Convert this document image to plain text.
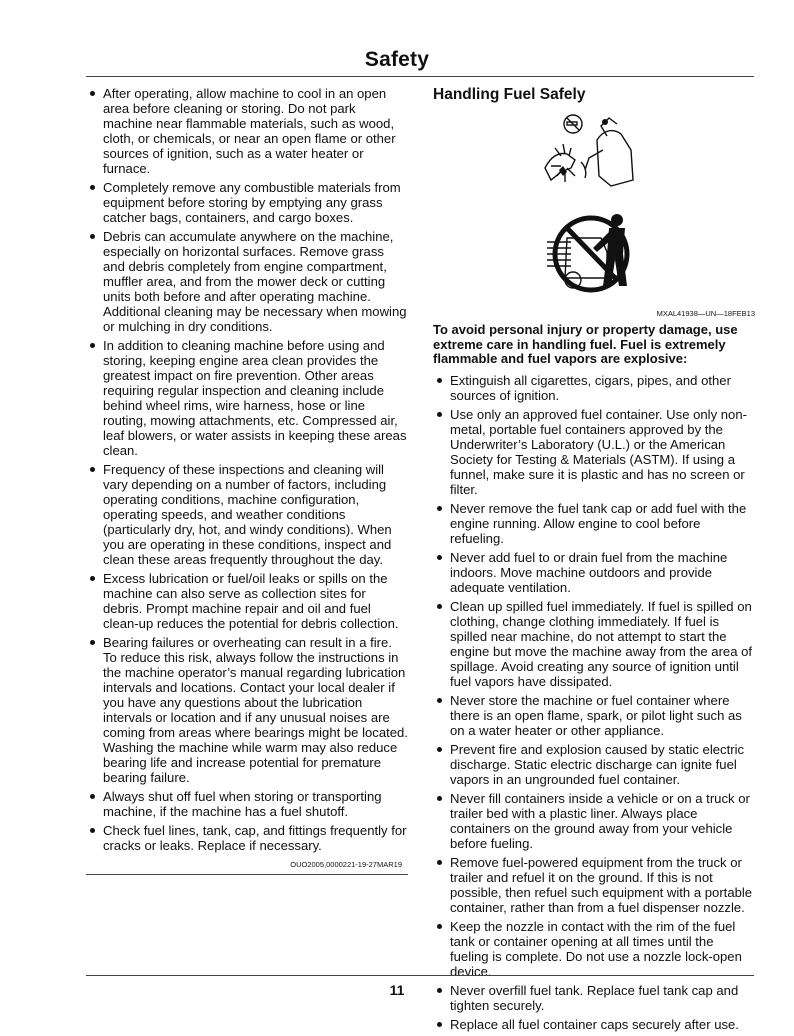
Safety
After operating, allow machine to cool in an open area before cleaning or storing. Do not park machine near flammable materials, such as wood, cloth, or chemicals, or near an open flame or other sources of ignition, such as a water heater or furnace.
Completely remove any combustible materials from equipment before storing by emptying any grass catcher bags, containers, and cargo boxes.
Debris can accumulate anywhere on the machine, especially on horizontal surfaces. Remove grass and debris completely from engine compartment, muffler area, and from the mower deck or cutting units both before and after operating machine. Additional cleaning may be necessary when mowing or mulching in dry conditions.
In addition to cleaning machine before using and storing, keeping engine area clean provides the greatest impact on fire prevention. Other areas requiring regular inspection and cleaning include behind wheel rims, wire harness, hose or line routing, mowing attachments, etc. Compressed air, leaf blowers, or water assists in keeping these areas clean.
Frequency of these inspections and cleaning will vary depending on a number of factors, including operating conditions, machine configuration, operating speeds, and weather conditions (particularly dry, hot, and windy conditions). When you are operating in these conditions, inspect and clean these areas frequently throughout the day.
Excess lubrication or fuel/oil leaks or spills on the machine can also serve as collection sites for debris. Prompt machine repair and oil and fuel clean-up reduces the potential for debris collection.
Bearing failures or overheating can result in a fire. To reduce this risk, always follow the instructions in the machine operator’s manual regarding lubrication intervals and locations. Contact your local dealer if you have any questions about the lubrication intervals or location and if any unusual noises are coming from areas where bearings might be located. Washing the machine while warm may also reduce bearing life and increase potential for premature bearing failure.
Always shut off fuel when storing or transporting machine, if the machine has a fuel shutoff.
Check fuel lines, tank, cap, and fittings frequently for cracks or leaks. Replace if necessary.
OUO2005,0000221-19-27MAR19
Handling Fuel Safely
MXAL41938—UN—18FEB13
To avoid personal injury or property damage, use extreme care in handling fuel. Fuel is extremely flammable and fuel vapors are explosive:
Extinguish all cigarettes, cigars, pipes, and other sources of ignition.
Use only an approved fuel container. Use only non-metal, portable fuel containers approved by the Underwriter’s Laboratory (U.L.) or the American Society for Testing & Materials (ASTM). If using a funnel, make sure it is plastic and has no screen or filter.
Never remove the fuel tank cap or add fuel with the engine running. Allow engine to cool before refueling.
Never add fuel to or drain fuel from the machine indoors. Move machine outdoors and provide adequate ventilation.
Clean up spilled fuel immediately. If fuel is spilled on clothing, change clothing immediately. If fuel is spilled near machine, do not attempt to start the engine but move the machine away from the area of spillage. Avoid creating any source of ignition until fuel vapors have dissipated.
Never store the machine or fuel container where there is an open flame, spark, or pilot light such as on a water heater or other appliance.
Prevent fire and explosion caused by static electric discharge. Static electric discharge can ignite fuel vapors in an ungrounded fuel container.
Never fill containers inside a vehicle or on a truck or trailer bed with a plastic liner. Always place containers on the ground away from your vehicle before fueling.
Remove fuel-powered equipment from the truck or trailer and refuel it on the ground. If this is not possible, then refuel such equipment with a portable container, rather than from a fuel dispenser nozzle.
Keep the nozzle in contact with the rim of the fuel tank or container opening at all times until the fueling is complete. Do not use a nozzle lock-open device.
Never overfill fuel tank. Replace fuel tank cap and tighten securely.
Replace all fuel container caps securely after use.
11
